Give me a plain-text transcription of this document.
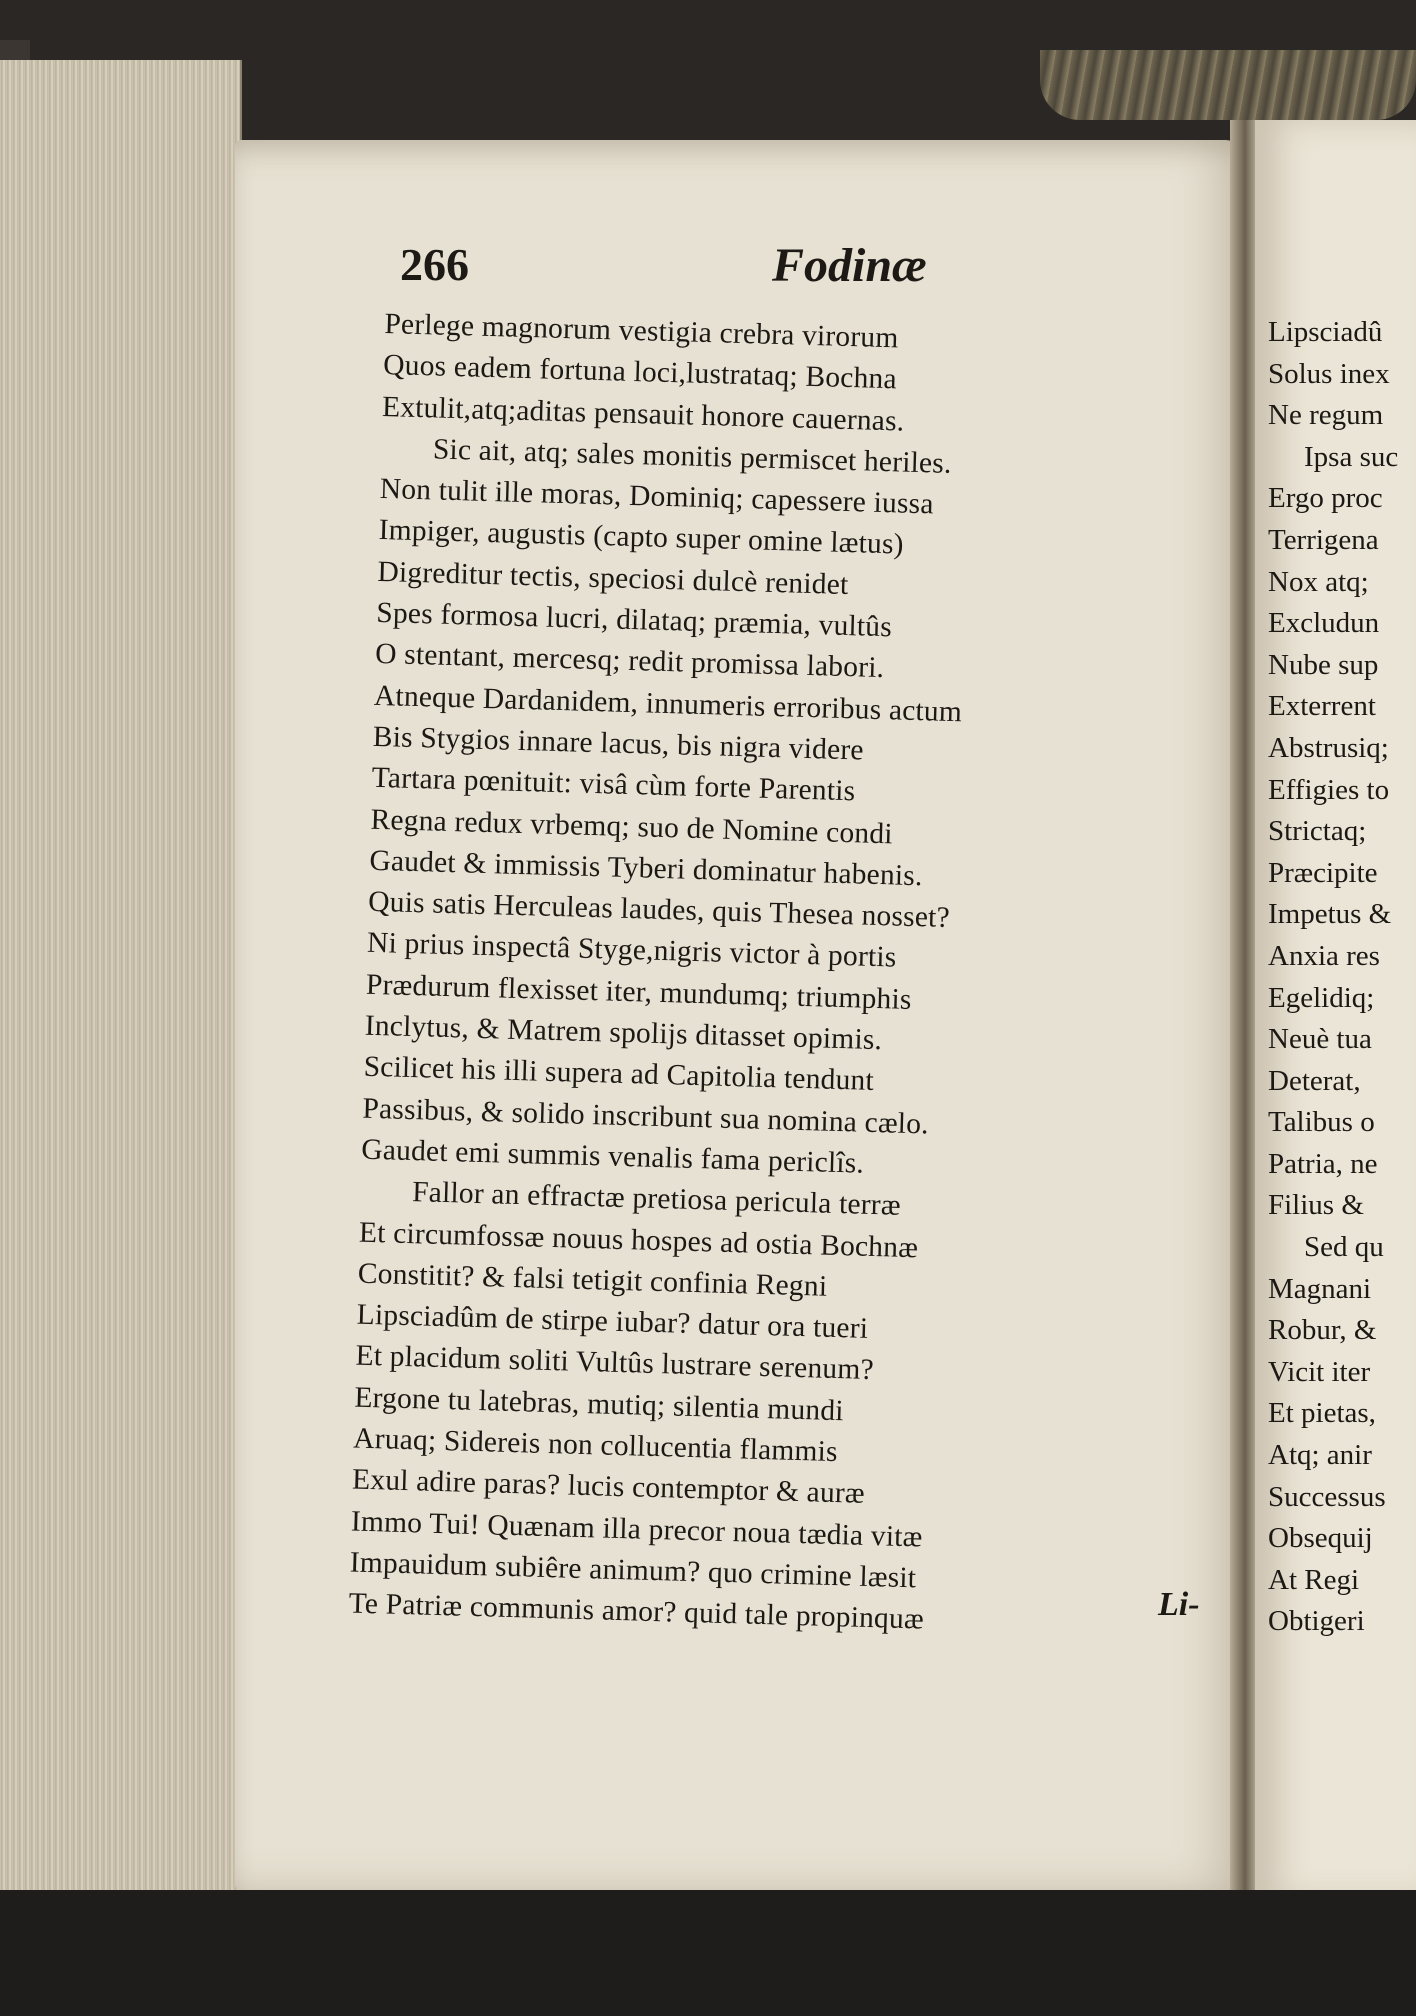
266	Fodinæ
Perlege magnorum vestigia crebra virorum
Quos eadem fortuna loci,lustrataq; Bochna
Extulit,atq;aditas pensauit honore cauernas.
Sic ait, atq; sales monitis permiscet heriles.
Non tulit ille moras, Dominiq; capessere iussa
Impiger, augustis (capto super omine lætus)
Digreditur tectis, speciosi dulcè renidet
Spes formosa lucri, dilataq; præmia, vultûs
O stentant, mercesq; redit promissa labori.
Atneque Dardanidem, innumeris erroribus actum
Bis Stygios innare lacus, bis nigra videre
Tartara pœnituit: visâ cùm forte Parentis
Regna redux vrbemq; suo de Nomine condi
Gaudet & immissis Tyberi dominatur habenis.
Quis satis Herculeas laudes, quis Thesea nosset?
Ni prius inspectâ Styge,nigris victor à portis
Prædurum flexisset iter, mundumq; triumphis
Inclytus, & Matrem spolijs ditasset opimis.
Scilicet his illi supera ad Capitolia tendunt
Passibus, & solido inscribunt sua nomina cælo.
Gaudet emi summis venalis fama periclîs.
Fallor an effractæ pretiosa pericula terræ
Et circumfossæ nouus hospes ad ostia Bochnæ
Constitit? & falsi tetigit confinia Regni
Lipsciadûm de stirpe iubar? datur ora tueri
Et placidum soliti Vultûs lustrare serenum?
Ergone tu latebras, mutiq; silentia mundi
Aruaq; Sidereis non collucentia flammis
Exul adire paras? lucis contemptor & auræ
Immo Tui! Quænam illa precor noua tædia vitæ
Impauidum subiêre animum? quo crimine læsit
Te Patriæ communis amor? quid tale propinquæ	Li-
Lipsciadû
Solus inex
Ne regum
Ipsa suc
Ergo proc
Terrigena
Nox atq;
Excludun
Nube sup
Exterrent
Abstrusiq;
Effigies to
Strictaq;
Præcipite
Impetus &
Anxia res
Egelidiq;
Neuè tua
Deterat,
Talibus o
Patria, ne
Filius &
Sed qu
Magnani
Robur, &
Vicit iter
Et pietas,
Atq; anir
Successus
Obsequij
At Regi
Obtigeri
